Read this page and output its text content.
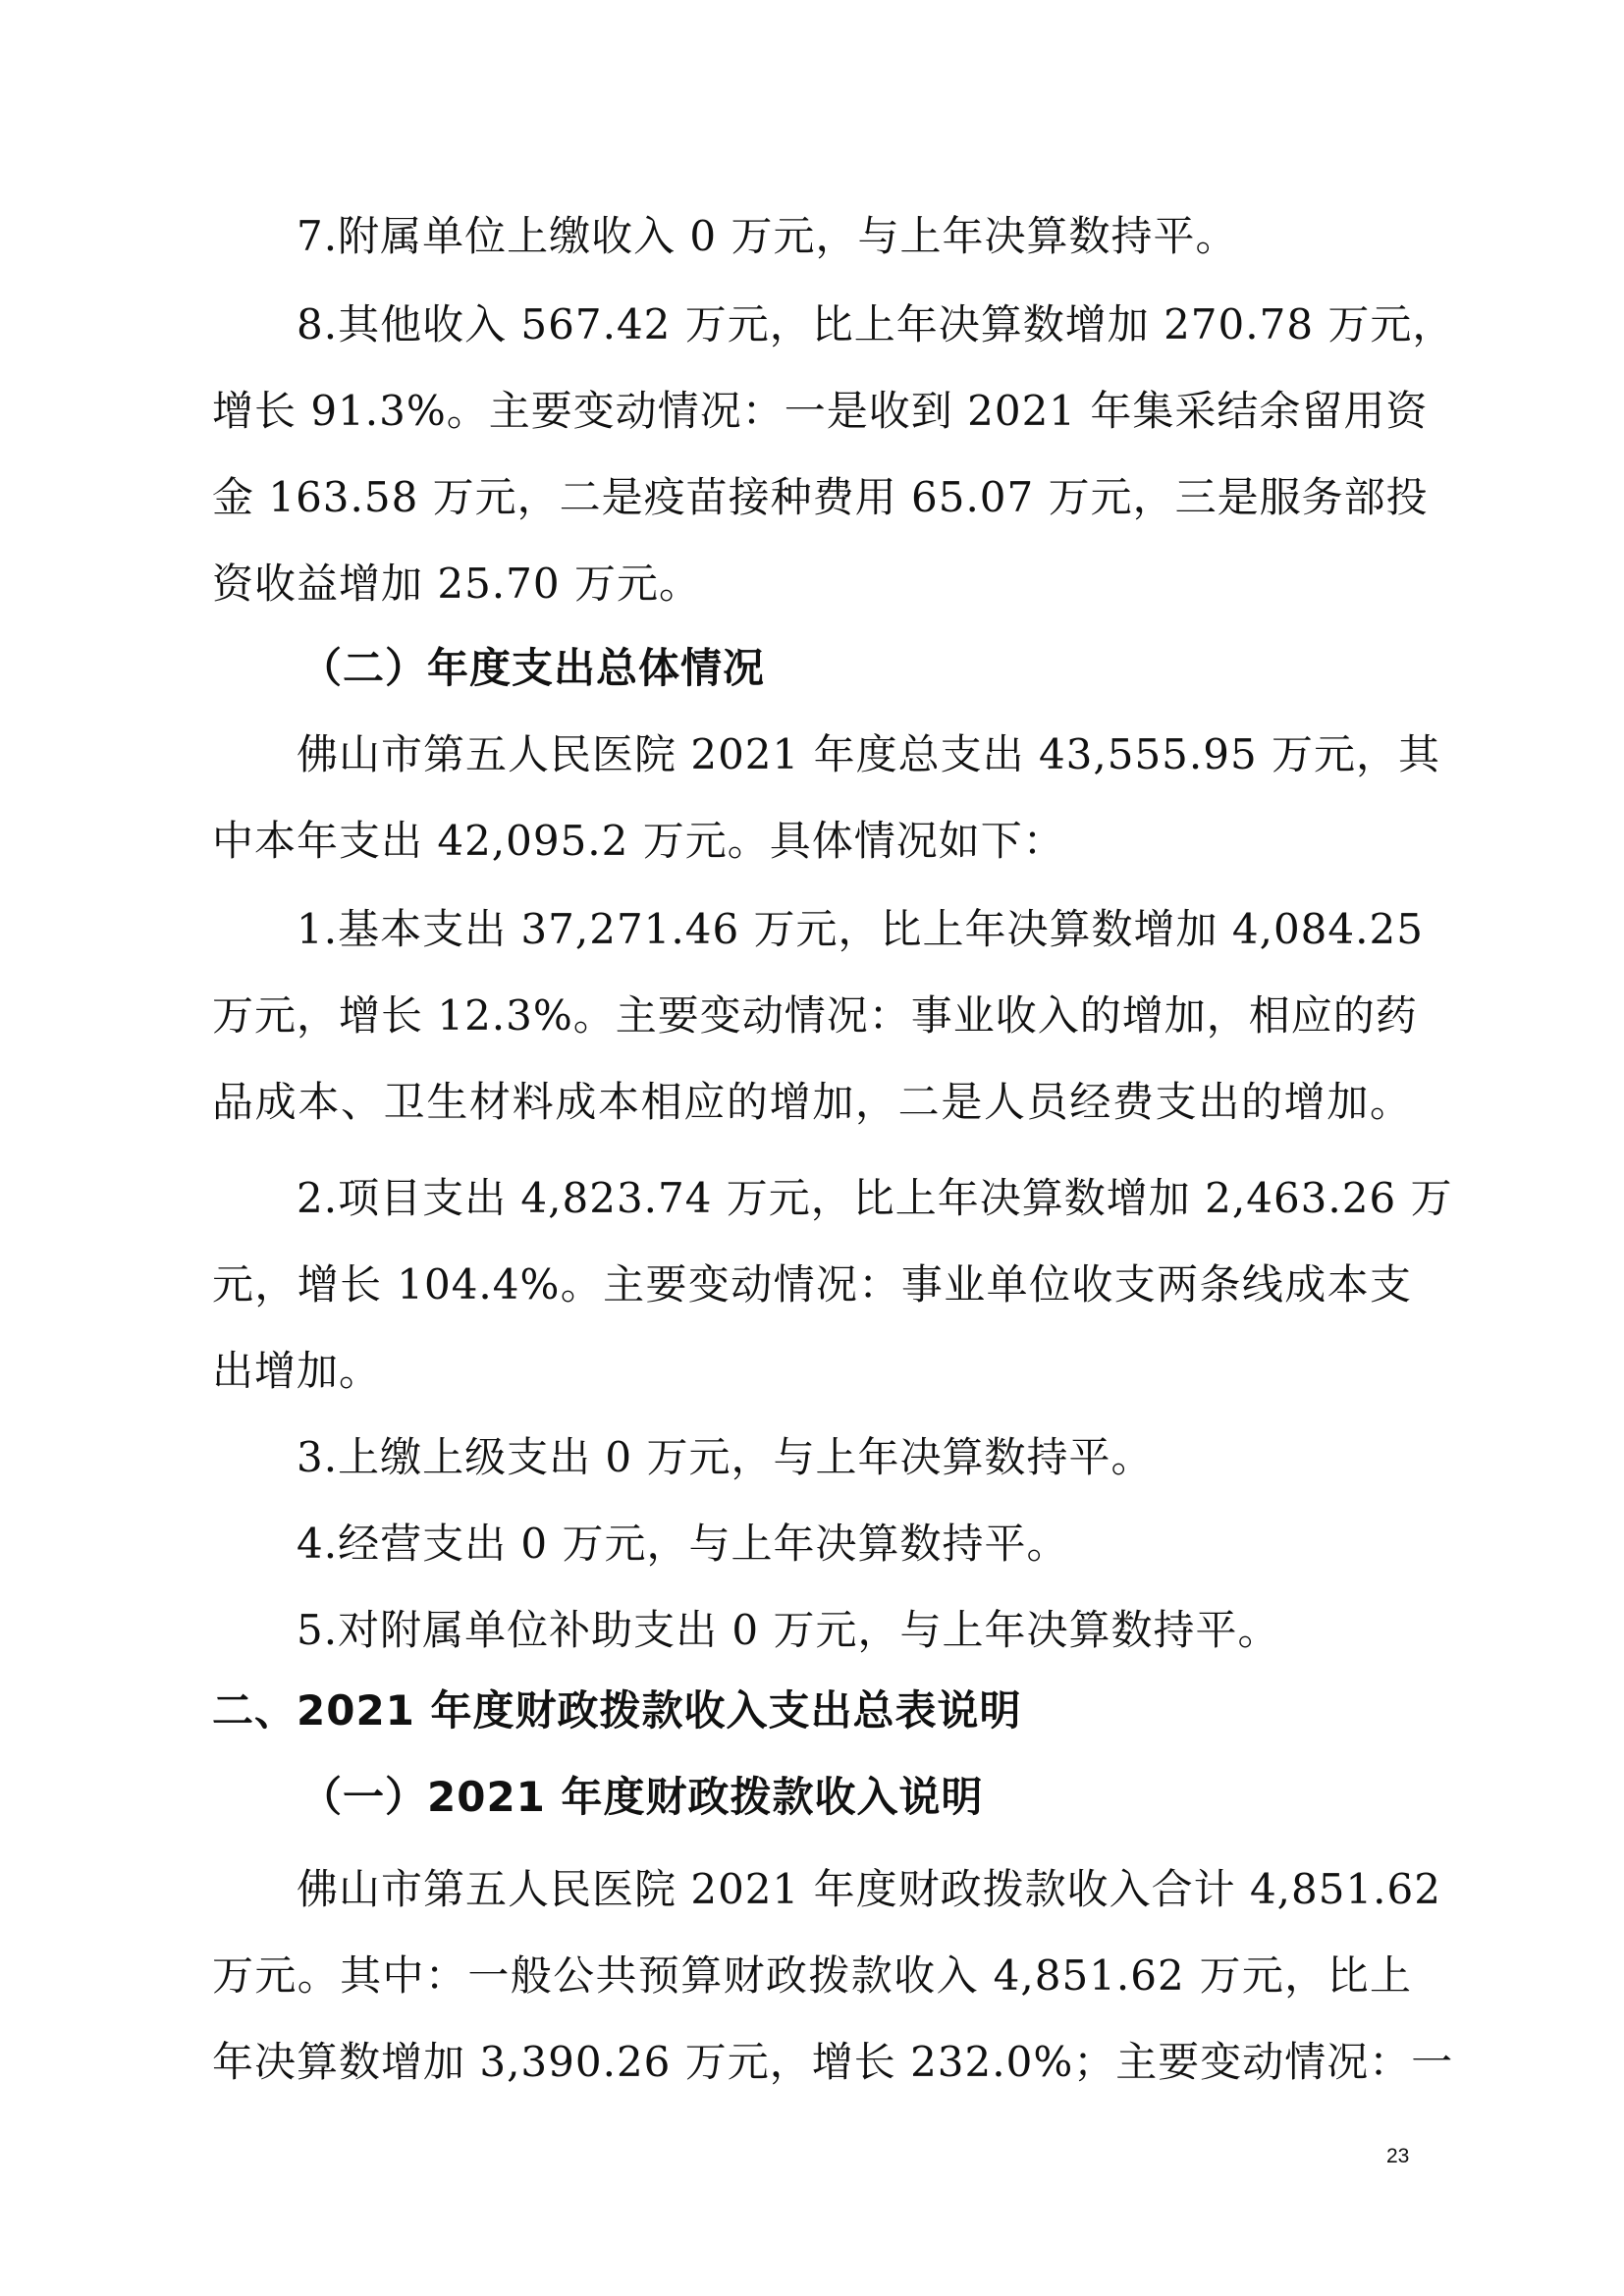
7.附属单位上缴收入 0 万元，与上年决算数持平。
8.其他收入 567.42 万元，比上年决算数增加 270.78 万元，
增长 91.3%。主要变动情况：一是收到 2021 年集采结余留用资
金 163.58 万元，二是疫苗接种费用 65.07 万元，三是服务部投
资收益增加 25.70 万元。
（二）年度支出总体情况
佛山市第五人民医院 2021 年度总支出 43,555.95 万元，其
中本年支出 42,095.2 万元。具体情况如下：
1.基本支出 37,271.46 万元，比上年决算数增加 4,084.25
万元，增长 12.3%。主要变动情况：事业收入的增加，相应的药
品成本、卫生材料成本相应的增加，二是人员经费支出的增加。
2.项目支出 4,823.74 万元，比上年决算数增加 2,463.26 万
元，增长 104.4%。主要变动情况：事业单位收支两条线成本支
出增加。
3.上缴上级支出 0 万元，与上年决算数持平。
4.经营支出 0 万元，与上年决算数持平。
5.对附属单位补助支出 0 万元，与上年决算数持平。
二、2021 年度财政拨款收入支出总表说明
（一）2021 年度财政拨款收入说明
佛山市第五人民医院 2021 年度财政拨款收入合计 4,851.62
万元。其中：一般公共预算财政拨款收入 4,851.62 万元，比上
年决算数增加 3,390.26 万元，增长 232.0%；主要变动情况：一
23
